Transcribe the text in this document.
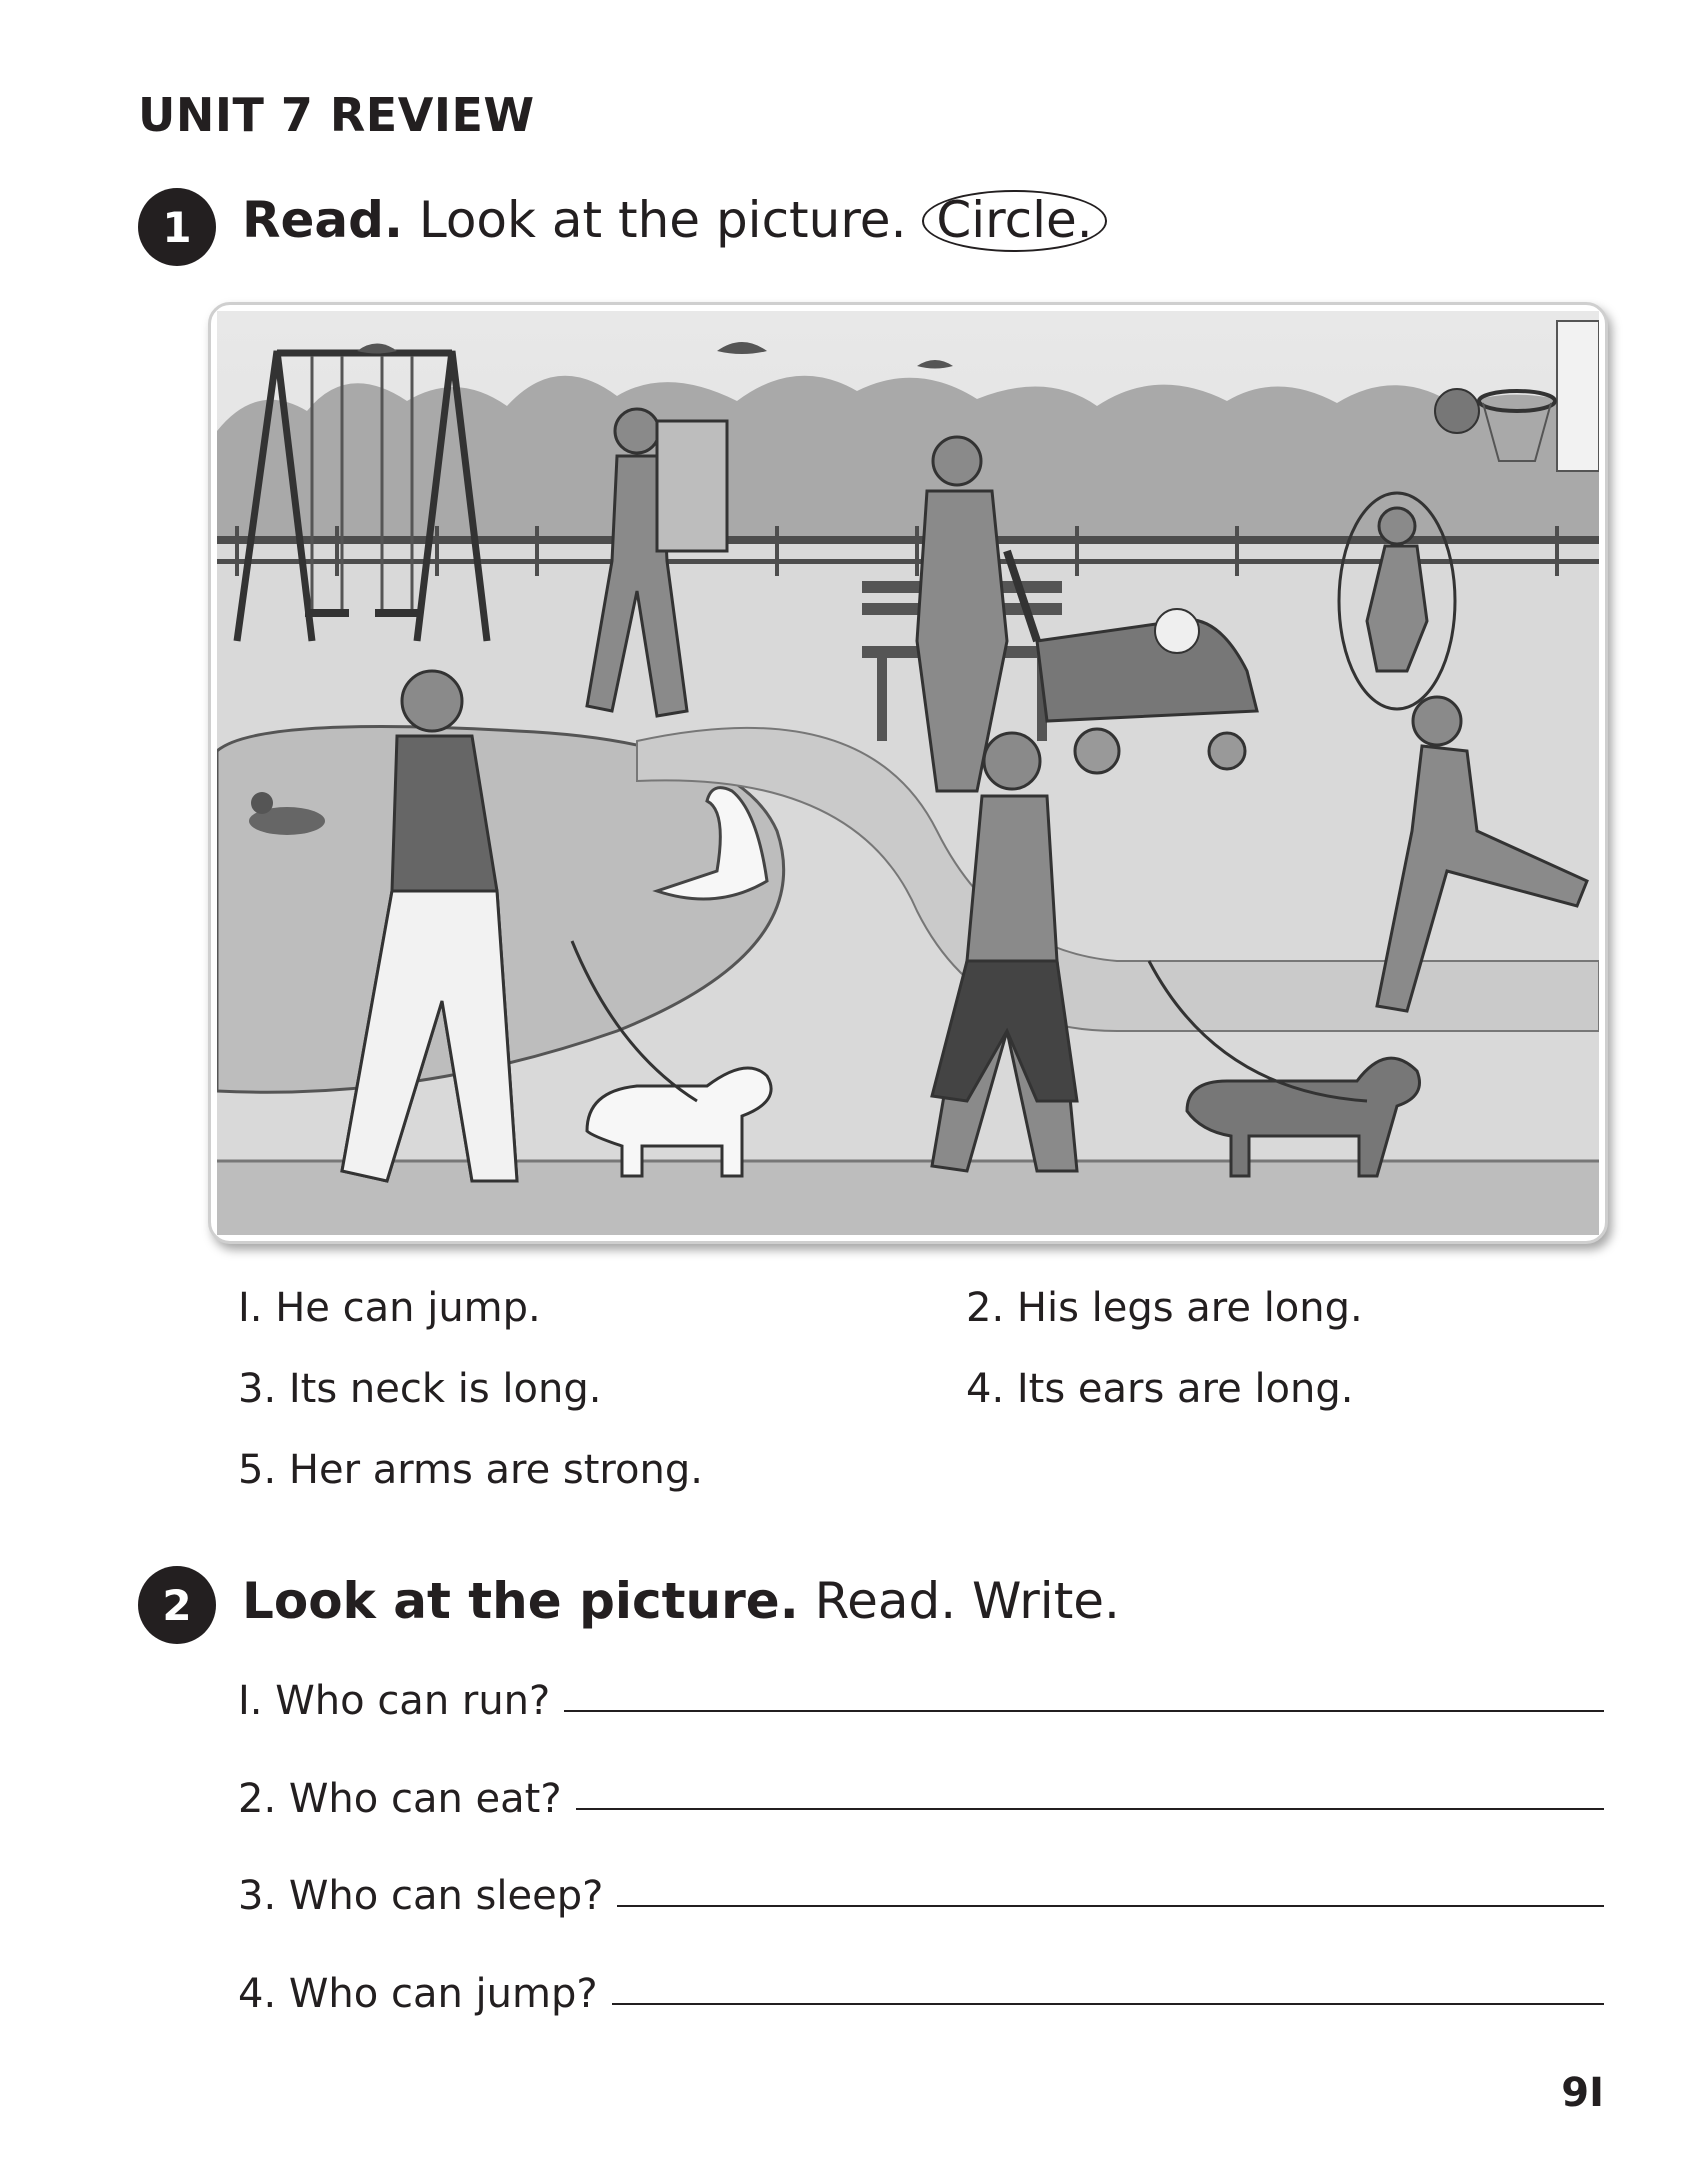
UNIT 7 REVIEW
1	Read. Look at the picture. Circle.

I. He can jump.	2. His legs are long.
3. Its neck is long.	4. Its ears are long.
5. Her arms are strong.
2	Look at the picture. Read. Write.

I. Who can run?
2. Who can eat?
3. Who can sleep?
4. Who can jump?
9I
